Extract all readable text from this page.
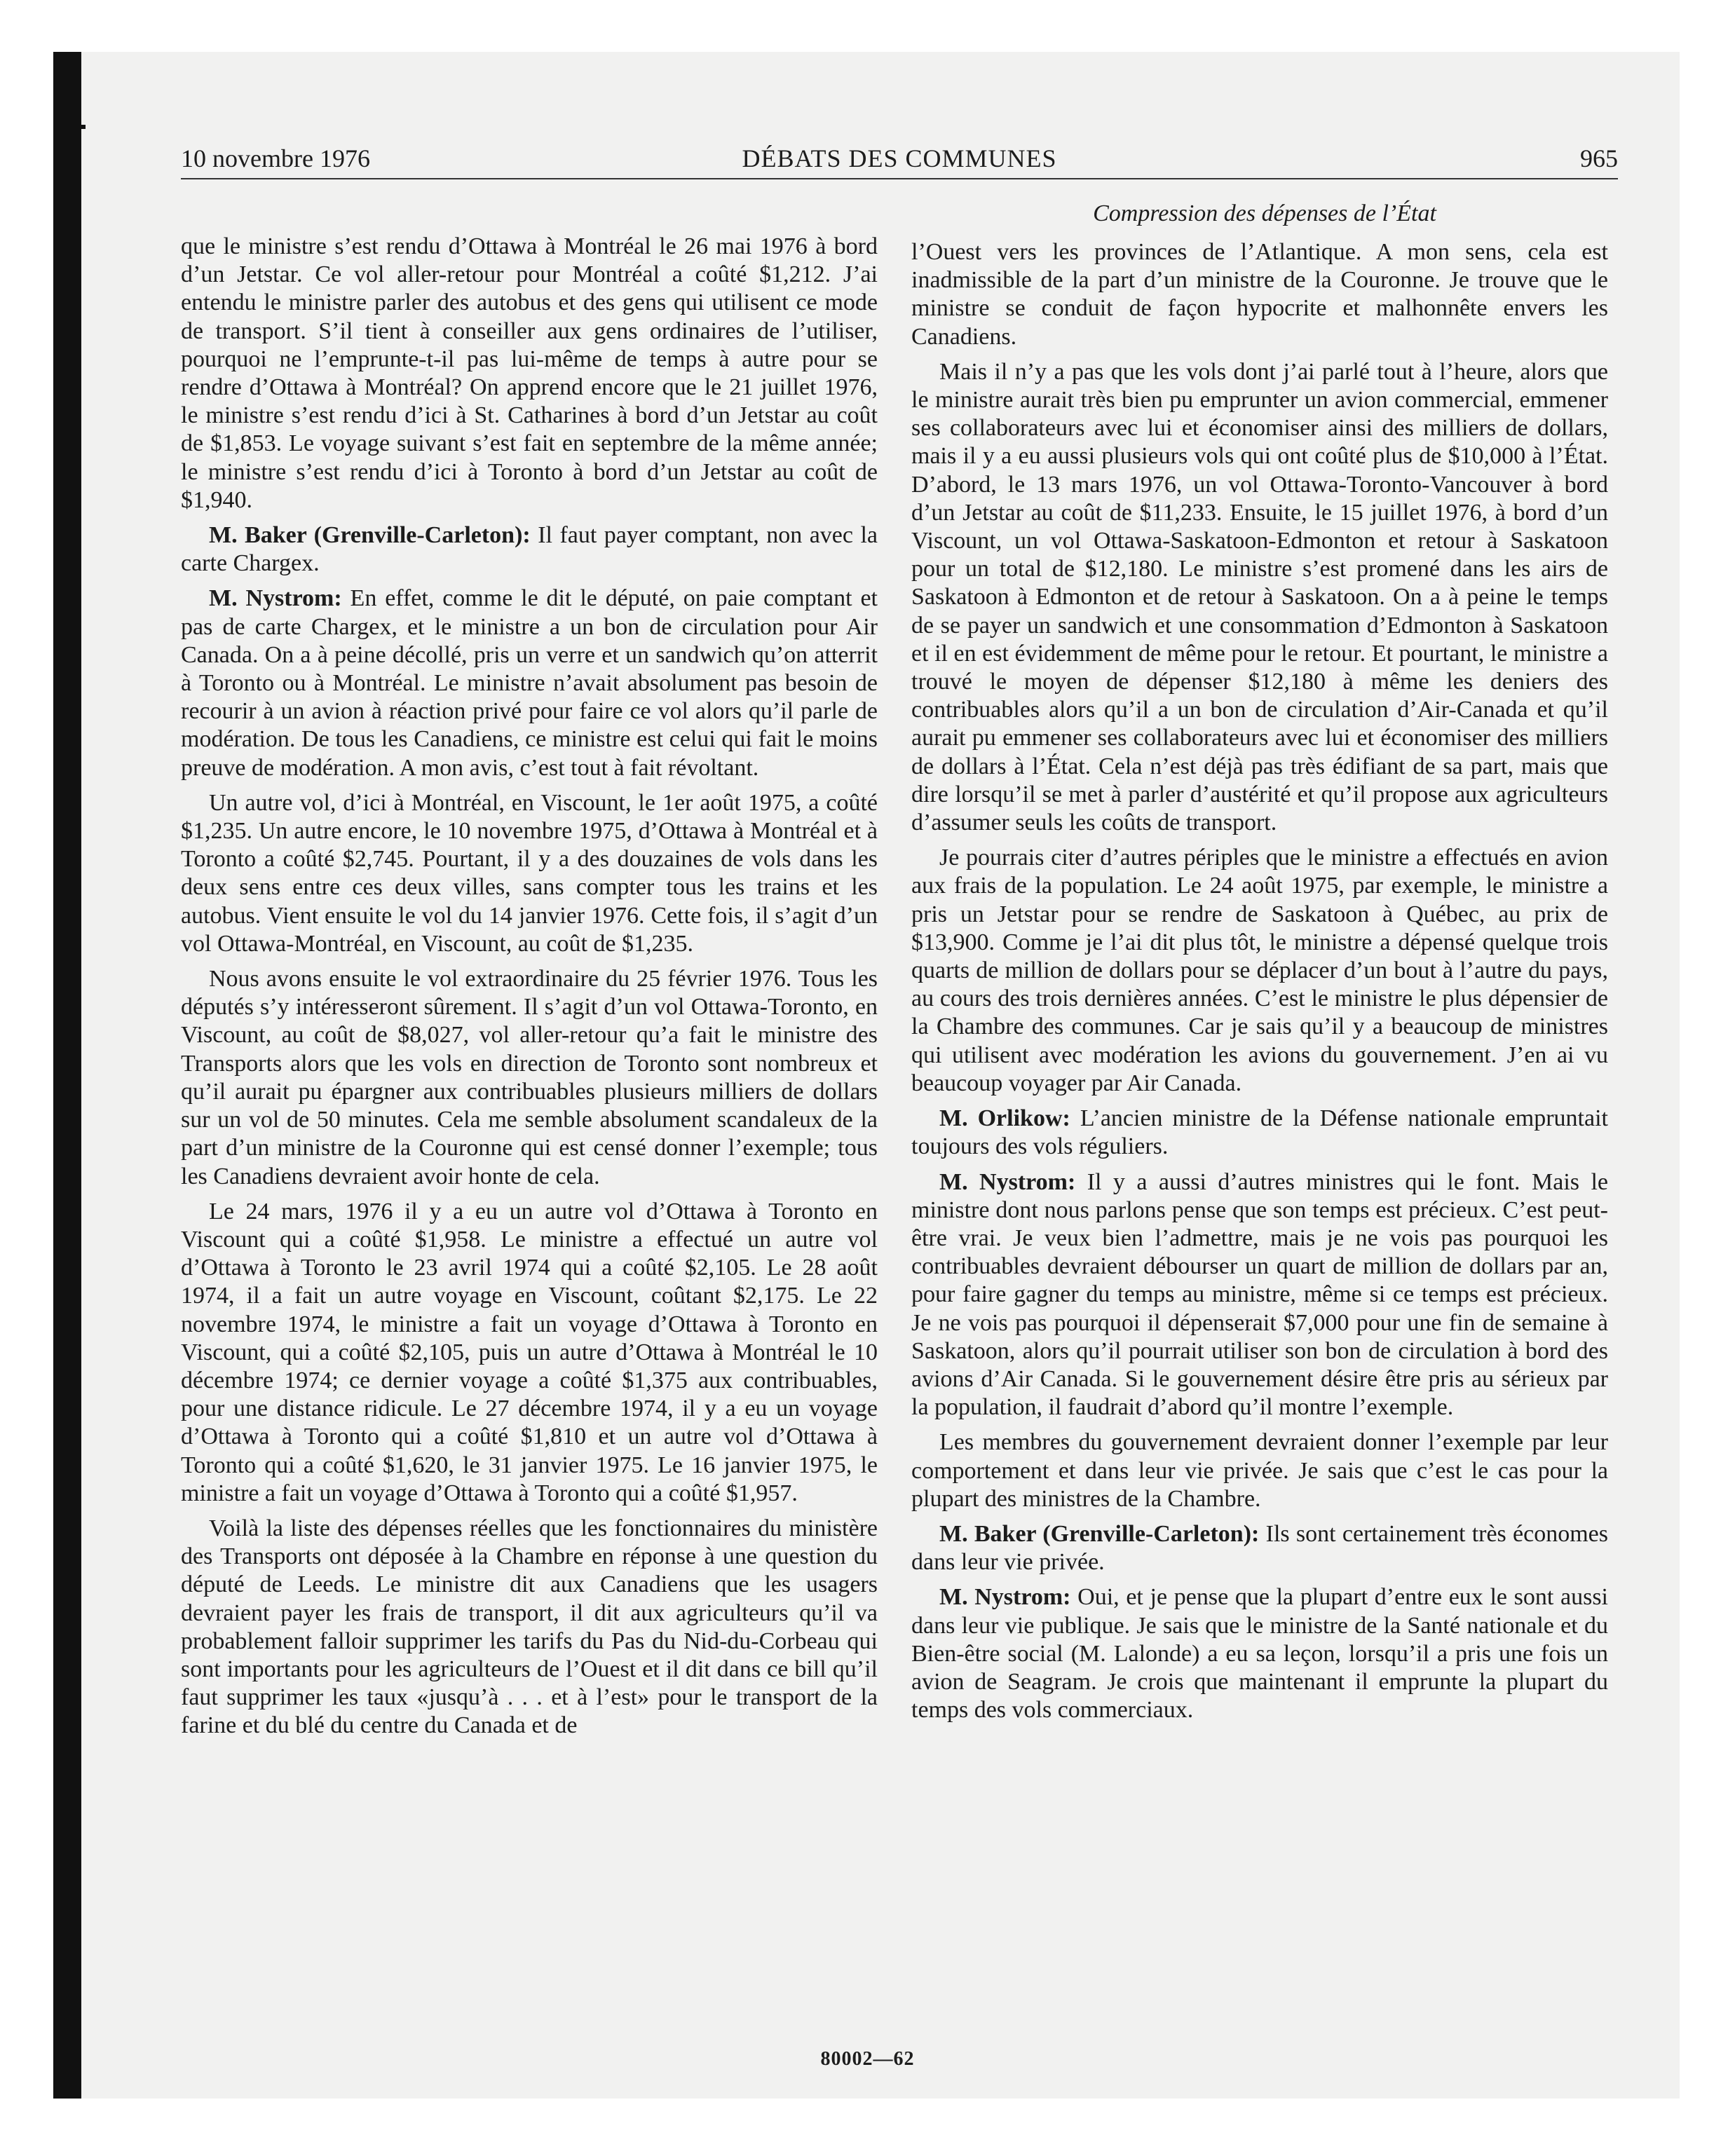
10 novembre 1976	DÉBATS DES COMMUNES	965
Compression des dépenses de l’État

que le ministre s’est rendu d’Ottawa à Montréal le 26 mai 1976 à bord d’un Jetstar. Ce vol aller-retour pour Montréal a coûté $1,212. J’ai entendu le ministre parler des autobus et des gens qui utilisent ce mode de transport. S’il tient à conseiller aux gens ordinaires de l’utiliser, pourquoi ne l’emprunte-t-il pas lui-même de temps à autre pour se rendre d’Ottawa à Montréal? On apprend encore que le 21 juillet 1976, le ministre s’est rendu d’ici à St. Catharines à bord d’un Jetstar au coût de $1,853. Le voyage suivant s’est fait en septembre de la même année; le ministre s’est rendu d’ici à Toronto à bord d’un Jetstar au coût de $1,940.

M. Baker (Grenville-Carleton): Il faut payer comptant, non avec la carte Chargex.

M. Nystrom: En effet, comme le dit le député, on paie comptant et pas de carte Chargex, et le ministre a un bon de circulation pour Air Canada. On a à peine décollé, pris un verre et un sandwich qu’on atterrit à Toronto ou à Montréal. Le ministre n’avait absolument pas besoin de recourir à un avion à réaction privé pour faire ce vol alors qu’il parle de modération. De tous les Canadiens, ce ministre est celui qui fait le moins preuve de modération. A mon avis, c’est tout à fait révoltant.

Un autre vol, d’ici à Montréal, en Viscount, le 1er août 1975, a coûté $1,235. Un autre encore, le 10 novembre 1975, d’Ottawa à Montréal et à Toronto a coûté $2,745. Pourtant, il y a des douzaines de vols dans les deux sens entre ces deux villes, sans compter tous les trains et les autobus. Vient ensuite le vol du 14 janvier 1976. Cette fois, il s’agit d’un vol Ottawa-Montréal, en Viscount, au coût de $1,235.

Nous avons ensuite le vol extraordinaire du 25 février 1976. Tous les députés s’y intéresseront sûrement. Il s’agit d’un vol Ottawa-Toronto, en Viscount, au coût de $8,027, vol aller-retour qu’a fait le ministre des Transports alors que les vols en direction de Toronto sont nombreux et qu’il aurait pu épargner aux contribuables plusieurs milliers de dollars sur un vol de 50 minutes. Cela me semble absolument scandaleux de la part d’un ministre de la Couronne qui est censé donner l’exemple; tous les Canadiens devraient avoir honte de cela.

Le 24 mars, 1976 il y a eu un autre vol d’Ottawa à Toronto en Viscount qui a coûté $1,958. Le ministre a effectué un autre vol d’Ottawa à Toronto le 23 avril 1974 qui a coûté $2,105. Le 28 août 1974, il a fait un autre voyage en Viscount, coûtant $2,175. Le 22 novembre 1974, le ministre a fait un voyage d’Ottawa à Toronto en Viscount, qui a coûté $2,105, puis un autre d’Ottawa à Montréal le 10 décembre 1974; ce dernier voyage a coûté $1,375 aux contribuables, pour une distance ridicule. Le 27 décembre 1974, il y a eu un voyage d’Ottawa à Toronto qui a coûté $1,810 et un autre vol d’Ottawa à Toronto qui a coûté $1,620, le 31 janvier 1975. Le 16 janvier 1975, le ministre a fait un voyage d’Ottawa à Toronto qui a coûté $1,957.

Voilà la liste des dépenses réelles que les fonctionnaires du ministère des Transports ont déposée à la Chambre en réponse à une question du député de Leeds. Le ministre dit aux Canadiens que les usagers devraient payer les frais de transport, il dit aux agriculteurs qu’il va probablement falloir supprimer les tarifs du Pas du Nid-du-Corbeau qui sont importants pour les agriculteurs de l’Ouest et il dit dans ce bill qu’il faut supprimer les taux «jusqu’à . . . et à l’est» pour le transport de la farine et du blé du centre du Canada et de

l’Ouest vers les provinces de l’Atlantique. A mon sens, cela est inadmissible de la part d’un ministre de la Couronne. Je trouve que le ministre se conduit de façon hypocrite et malhonnête envers les Canadiens.

Mais il n’y a pas que les vols dont j’ai parlé tout à l’heure, alors que le ministre aurait très bien pu emprunter un avion commercial, emmener ses collaborateurs avec lui et économiser ainsi des milliers de dollars, mais il y a eu aussi plusieurs vols qui ont coûté plus de $10,000 à l’État. D’abord, le 13 mars 1976, un vol Ottawa-Toronto-Vancouver à bord d’un Jetstar au coût de $11,233. Ensuite, le 15 juillet 1976, à bord d’un Viscount, un vol Ottawa-Saskatoon-Edmonton et retour à Saskatoon pour un total de $12,180. Le ministre s’est promené dans les airs de Saskatoon à Edmonton et de retour à Saskatoon. On a à peine le temps de se payer un sandwich et une consommation d’Edmonton à Saskatoon et il en est évidemment de même pour le retour. Et pourtant, le ministre a trouvé le moyen de dépenser $12,180 à même les deniers des contribuables alors qu’il a un bon de circulation d’Air-Canada et qu’il aurait pu emmener ses collaborateurs avec lui et économiser des milliers de dollars à l’État. Cela n’est déjà pas très édifiant de sa part, mais que dire lorsqu’il se met à parler d’austérité et qu’il propose aux agriculteurs d’assumer seuls les coûts de transport.

Je pourrais citer d’autres périples que le ministre a effectués en avion aux frais de la population. Le 24 août 1975, par exemple, le ministre a pris un Jetstar pour se rendre de Saskatoon à Québec, au prix de $13,900. Comme je l’ai dit plus tôt, le ministre a dépensé quelque trois quarts de million de dollars pour se déplacer d’un bout à l’autre du pays, au cours des trois dernières années. C’est le ministre le plus dépensier de la Chambre des communes. Car je sais qu’il y a beaucoup de ministres qui utilisent avec modération les avions du gouvernement. J’en ai vu beaucoup voyager par Air Canada.

M. Orlikow: L’ancien ministre de la Défense nationale empruntait toujours des vols réguliers.

M. Nystrom: Il y a aussi d’autres ministres qui le font. Mais le ministre dont nous parlons pense que son temps est précieux. C’est peut-être vrai. Je veux bien l’admettre, mais je ne vois pas pourquoi les contribuables devraient débourser un quart de million de dollars par an, pour faire gagner du temps au ministre, même si ce temps est précieux. Je ne vois pas pourquoi il dépenserait $7,000 pour une fin de semaine à Saskatoon, alors qu’il pourrait utiliser son bon de circulation à bord des avions d’Air Canada. Si le gouvernement désire être pris au sérieux par la population, il faudrait d’abord qu’il montre l’exemple.

Les membres du gouvernement devraient donner l’exemple par leur comportement et dans leur vie privée. Je sais que c’est le cas pour la plupart des ministres de la Chambre.

M. Baker (Grenville-Carleton): Ils sont certainement très économes dans leur vie privée.

M. Nystrom: Oui, et je pense que la plupart d’entre eux le sont aussi dans leur vie publique. Je sais que le ministre de la Santé nationale et du Bien-être social (M. Lalonde) a eu sa leçon, lorsqu’il a pris une fois un avion de Seagram. Je crois que maintenant il emprunte la plupart du temps des vols commerciaux.

80002—62
